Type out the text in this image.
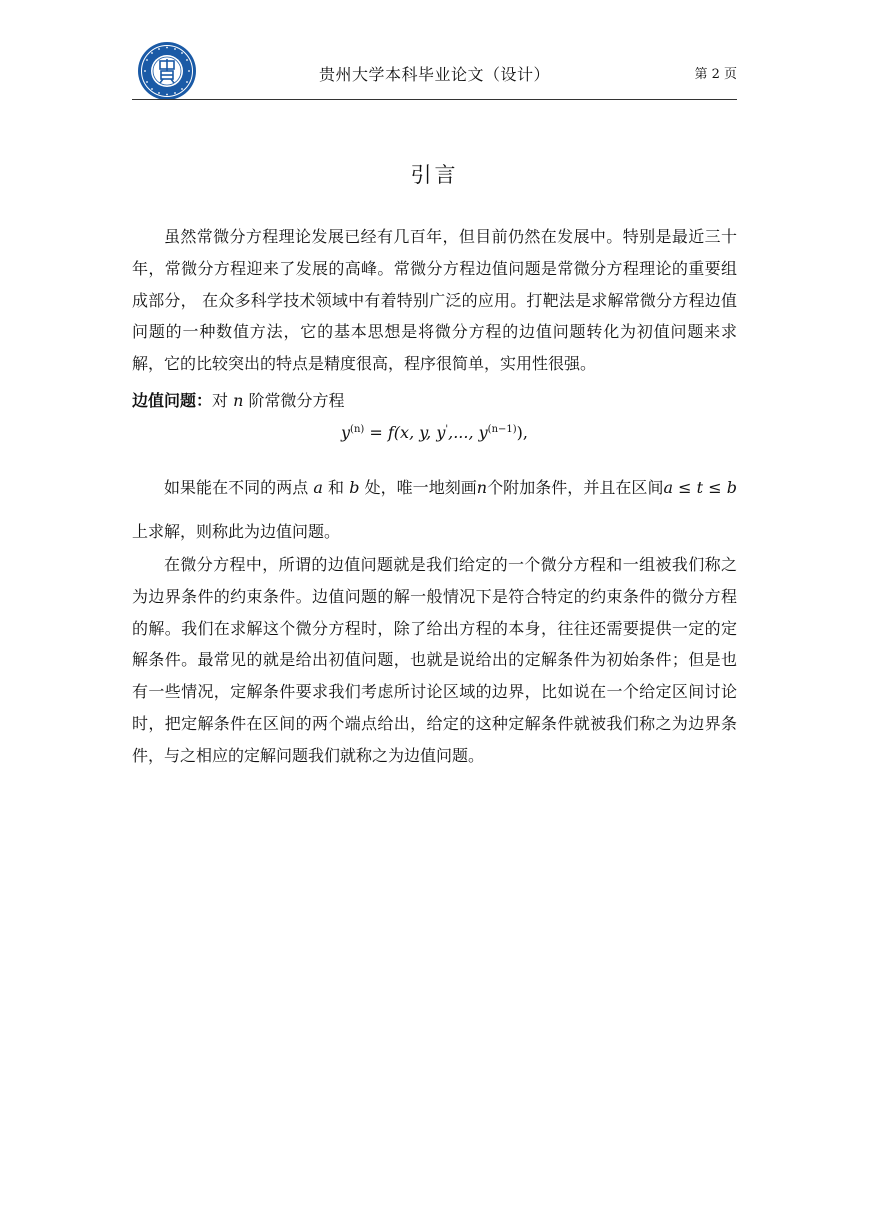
贵州大学本科毕业论文（设计）	第 2 页
引言

虽然常微分方程理论发展已经有几百年，但目前仍然在发展中。特别是最近三十年，常微分方程迎来了发展的高峰。常微分方程边值问题是常微分方程理论的重要组成部分， 在众多科学技术领域中有着特别广泛的应用。打靶法是求解常微分方程边值问题的一种数值方法，它的基本思想是将微分方程的边值问题转化为初值问题来求解，它的比较突出的特点是精度很高，程序很简单，实用性很强。

边值问题：对 n 阶常微分方程
$y^{(n)} = f(x$, y, y',..., $y^{(n-1)}$),

如果能在不同的两点 a 和 b 处，唯一地刻画n个附加条件，并且在区间a ≤ t ≤ b上求解，则称此为边值问题。

在微分方程中，所谓的边值问题就是我们给定的一个微分方程和一组被我们称之为边界条件的约束条件。边值问题的解一般情况下是符合特定的约束条件的微分方程的解。我们在求解这个微分方程时，除了给出方程的本身，往往还需要提供一定的定解条件。最常见的就是给出初值问题，也就是说给出的定解条件为初始条件；但是也有一些情况，定解条件要求我们考虑所讨论区域的边界，比如说在一个给定区间讨论时，把定解条件在区间的两个端点给出，给定的这种定解条件就被我们称之为边界条件，与之相应的定解问题我们就称之为边值问题。
